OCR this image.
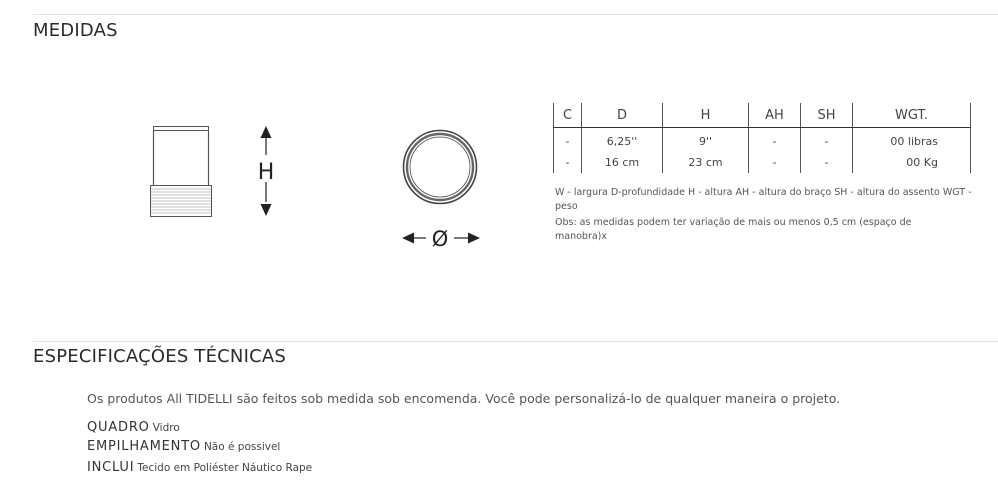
MEDIDAS
H
Ø
C	D	H	AH	SH	WGT.
-	6,25''	9''	-	-	00 libras
-	16 cm	23 cm	-	-	00 Kg
W - largura D-profundidade H - altura AH - altura do braço SH - altura do assento WGT - peso
Obs: as medidas podem ter variação de mais ou menos 0,5 cm (espaço de manobra)x
ESPECIFICAÇÕES TÉCNICAS
Os produtos All TIDELLI são feitos sob medida sob encomenda. Você pode personalizá-lo de qualquer maneira o projeto.
QUADRO Vidro
EMPILHAMENTO Não é possivel
INCLUI Tecido em Poliéster Náutico Rape
